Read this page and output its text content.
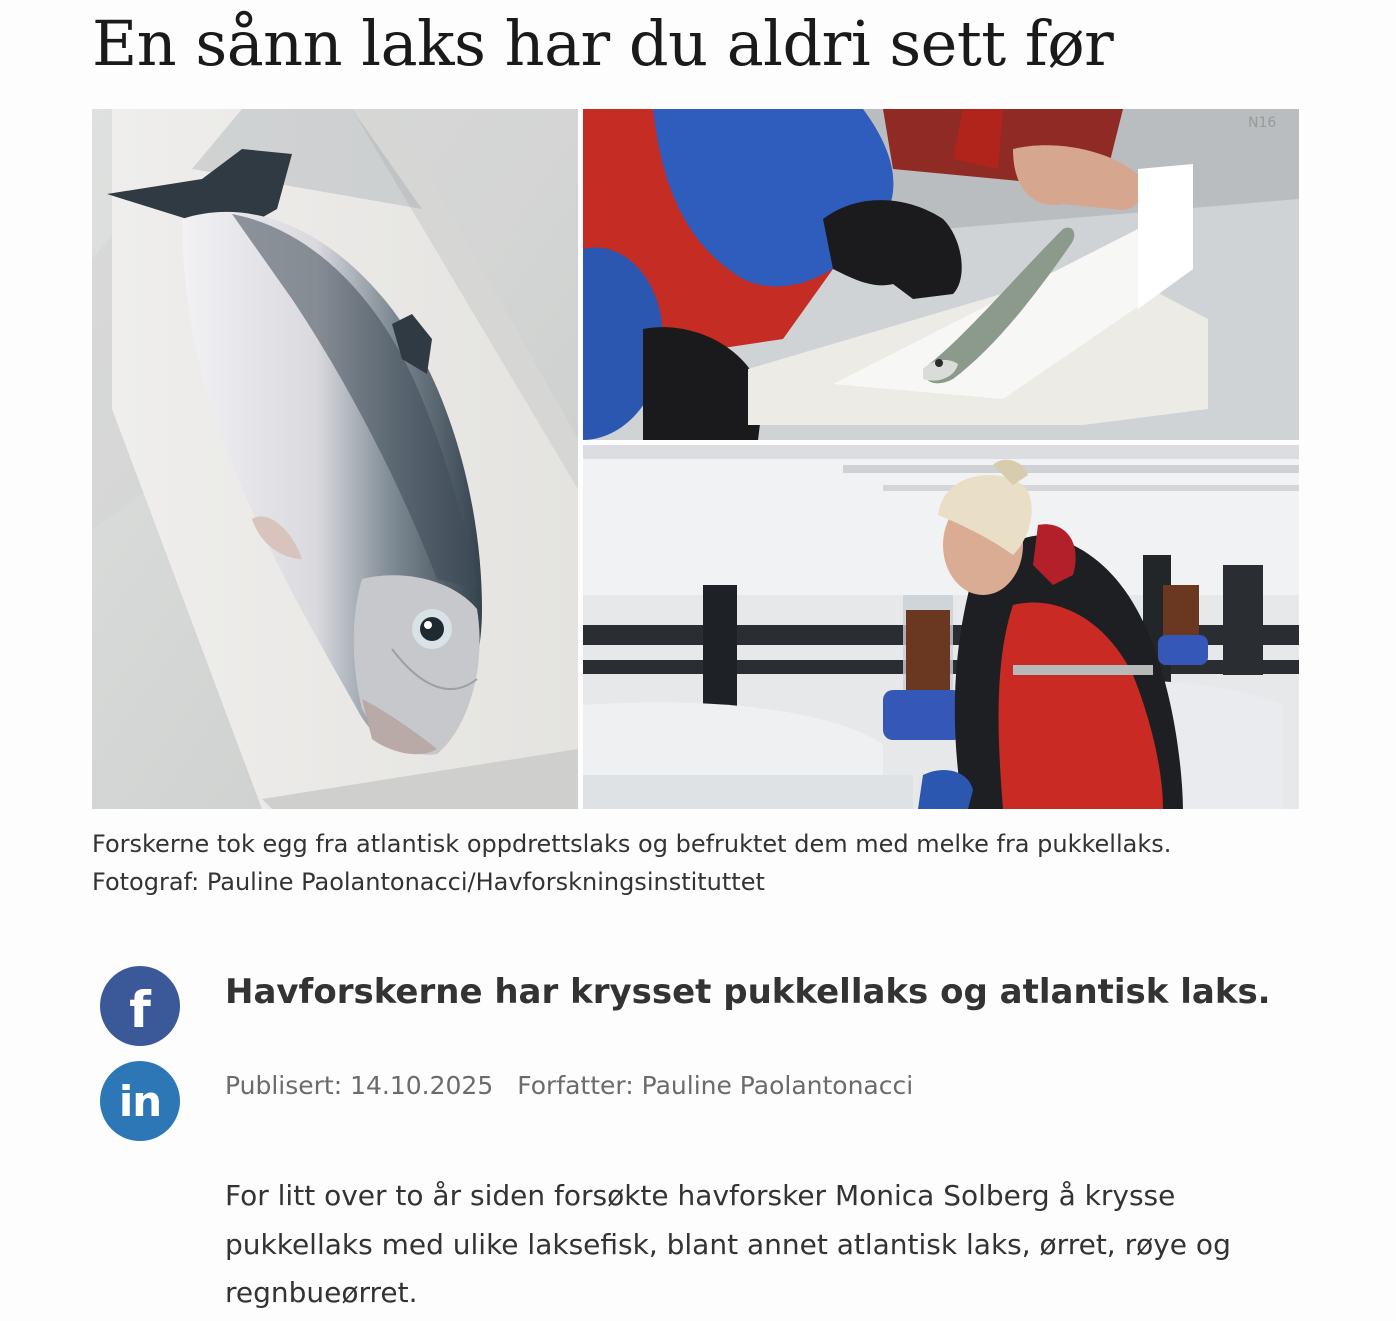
En sånn laks har du aldri sett før
N16
Forskerne tok egg fra atlantisk oppdrettslaks og befruktet dem med melke fra pukkellaks.
Fotograf: Pauline Paolantonacci/Havforskningsinstituttet
f
in
Havforskerne har krysset pukkellaks og atlantisk laks.
Publisert: 14.10.2025 Forfatter: Pauline Paolantonacci

For litt over to år siden forsøkte havforsker Monica Solberg å krysse pukkellaks med ulike laksefisk, blant annet atlantisk laks, ørret, røye og regnbueørret.
